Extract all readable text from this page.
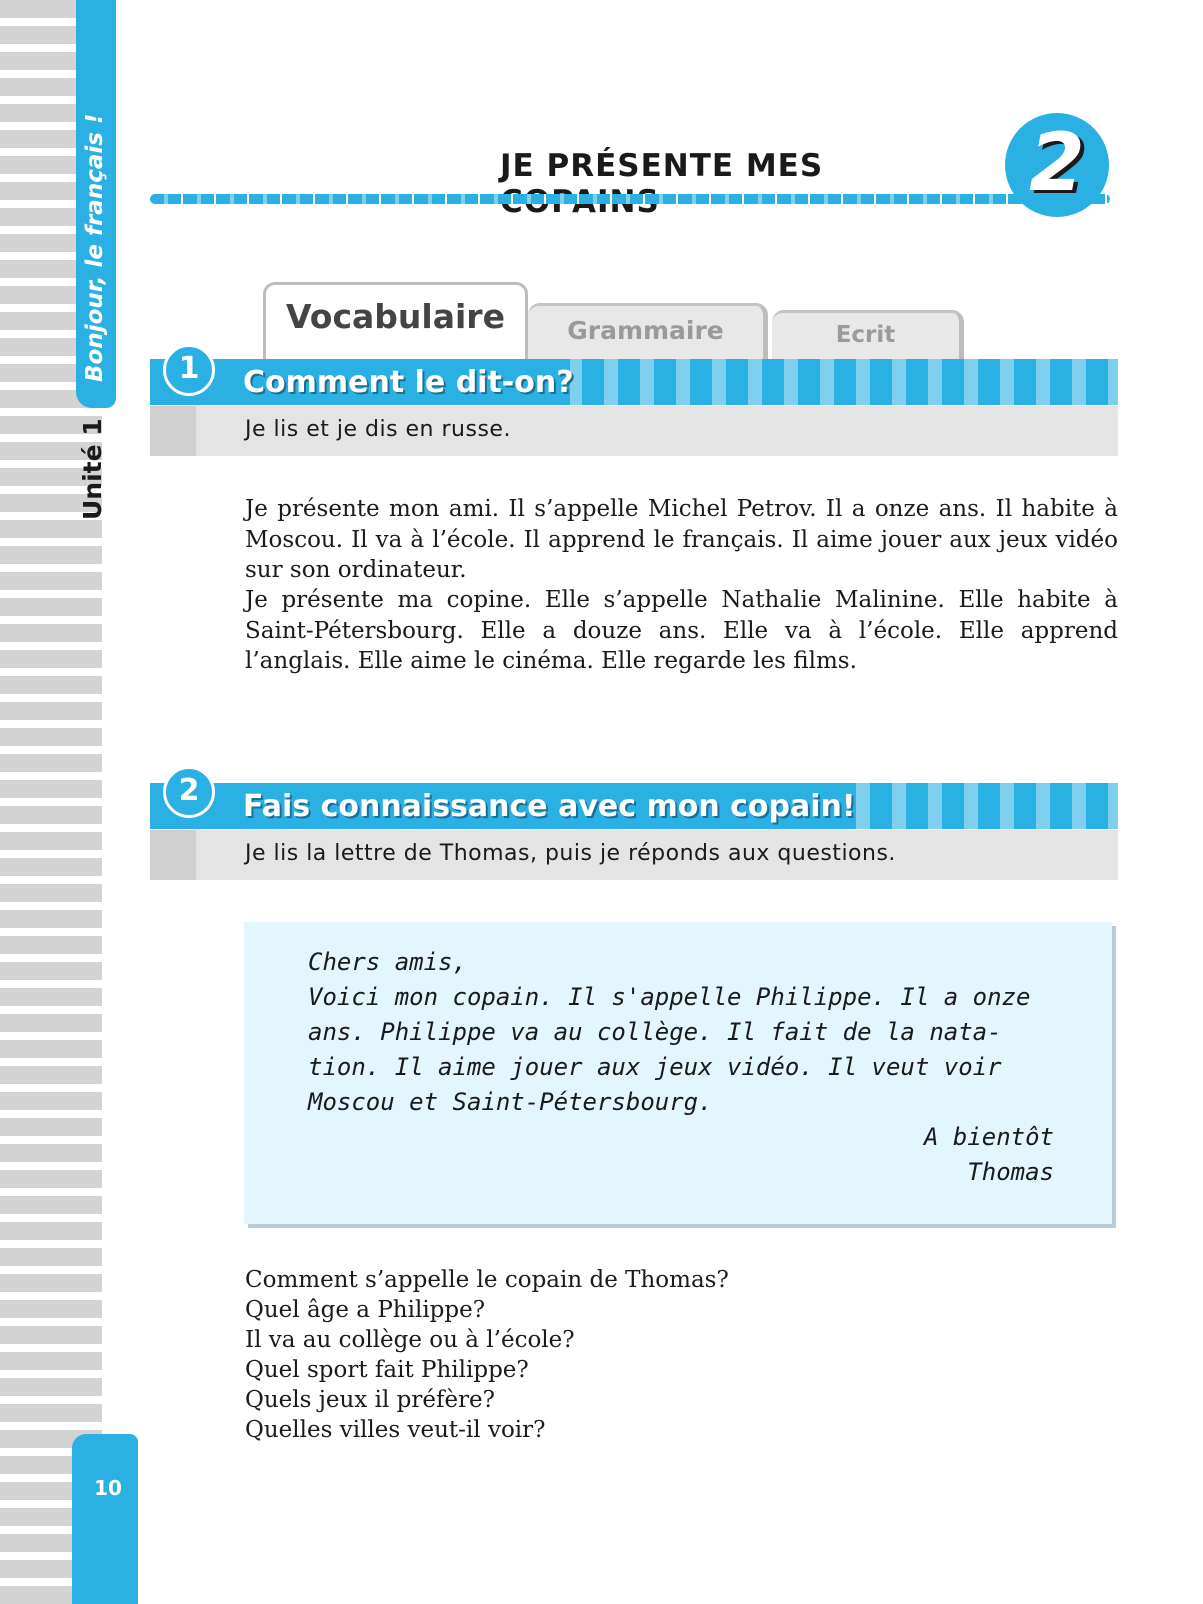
Bonjour, le français !
Unité 1
10
JE PRÉSENTE MES	2
Vocabulaire	Grammaire	Ecrit
1	Comment le dit-on?
Je lis et je dis en russe.
Je présente mon ami. Il s’appelle Michel Petrov. Il a onze ans. Il habite à Moscou. Il va à l’école. Il apprend le français. Il aime jouer aux jeux vidéo sur son ordinateur.
Je présente ma copine. Elle s’appelle Nathalie Malinine. Elle habite à Saint-Pétersbourg. Elle a douze ans. Elle va à l’école. Elle apprend l’anglais. Elle aime le cinéma. Elle regarde les films.
2	Fais connaissance avec mon copain!
Je lis la lettre de Thomas, puis je réponds aux questions.
Chers amis,
Voici mon copain. Il s'appelle Philippe. Il a onze
ans. Philippe va au collège. Il fait de la nata-
tion. Il aime jouer aux jeux vidéo. Il veut voir
Moscou et Saint-Pétersbourg.
A bientôt
Thomas
Comment s’appelle le copain de Thomas?
Quel âge a Philippe?
Il va au collège ou à l’école?
Quel sport fait Philippe?
Quels jeux il préfère?
Quelles villes veut-il voir?
